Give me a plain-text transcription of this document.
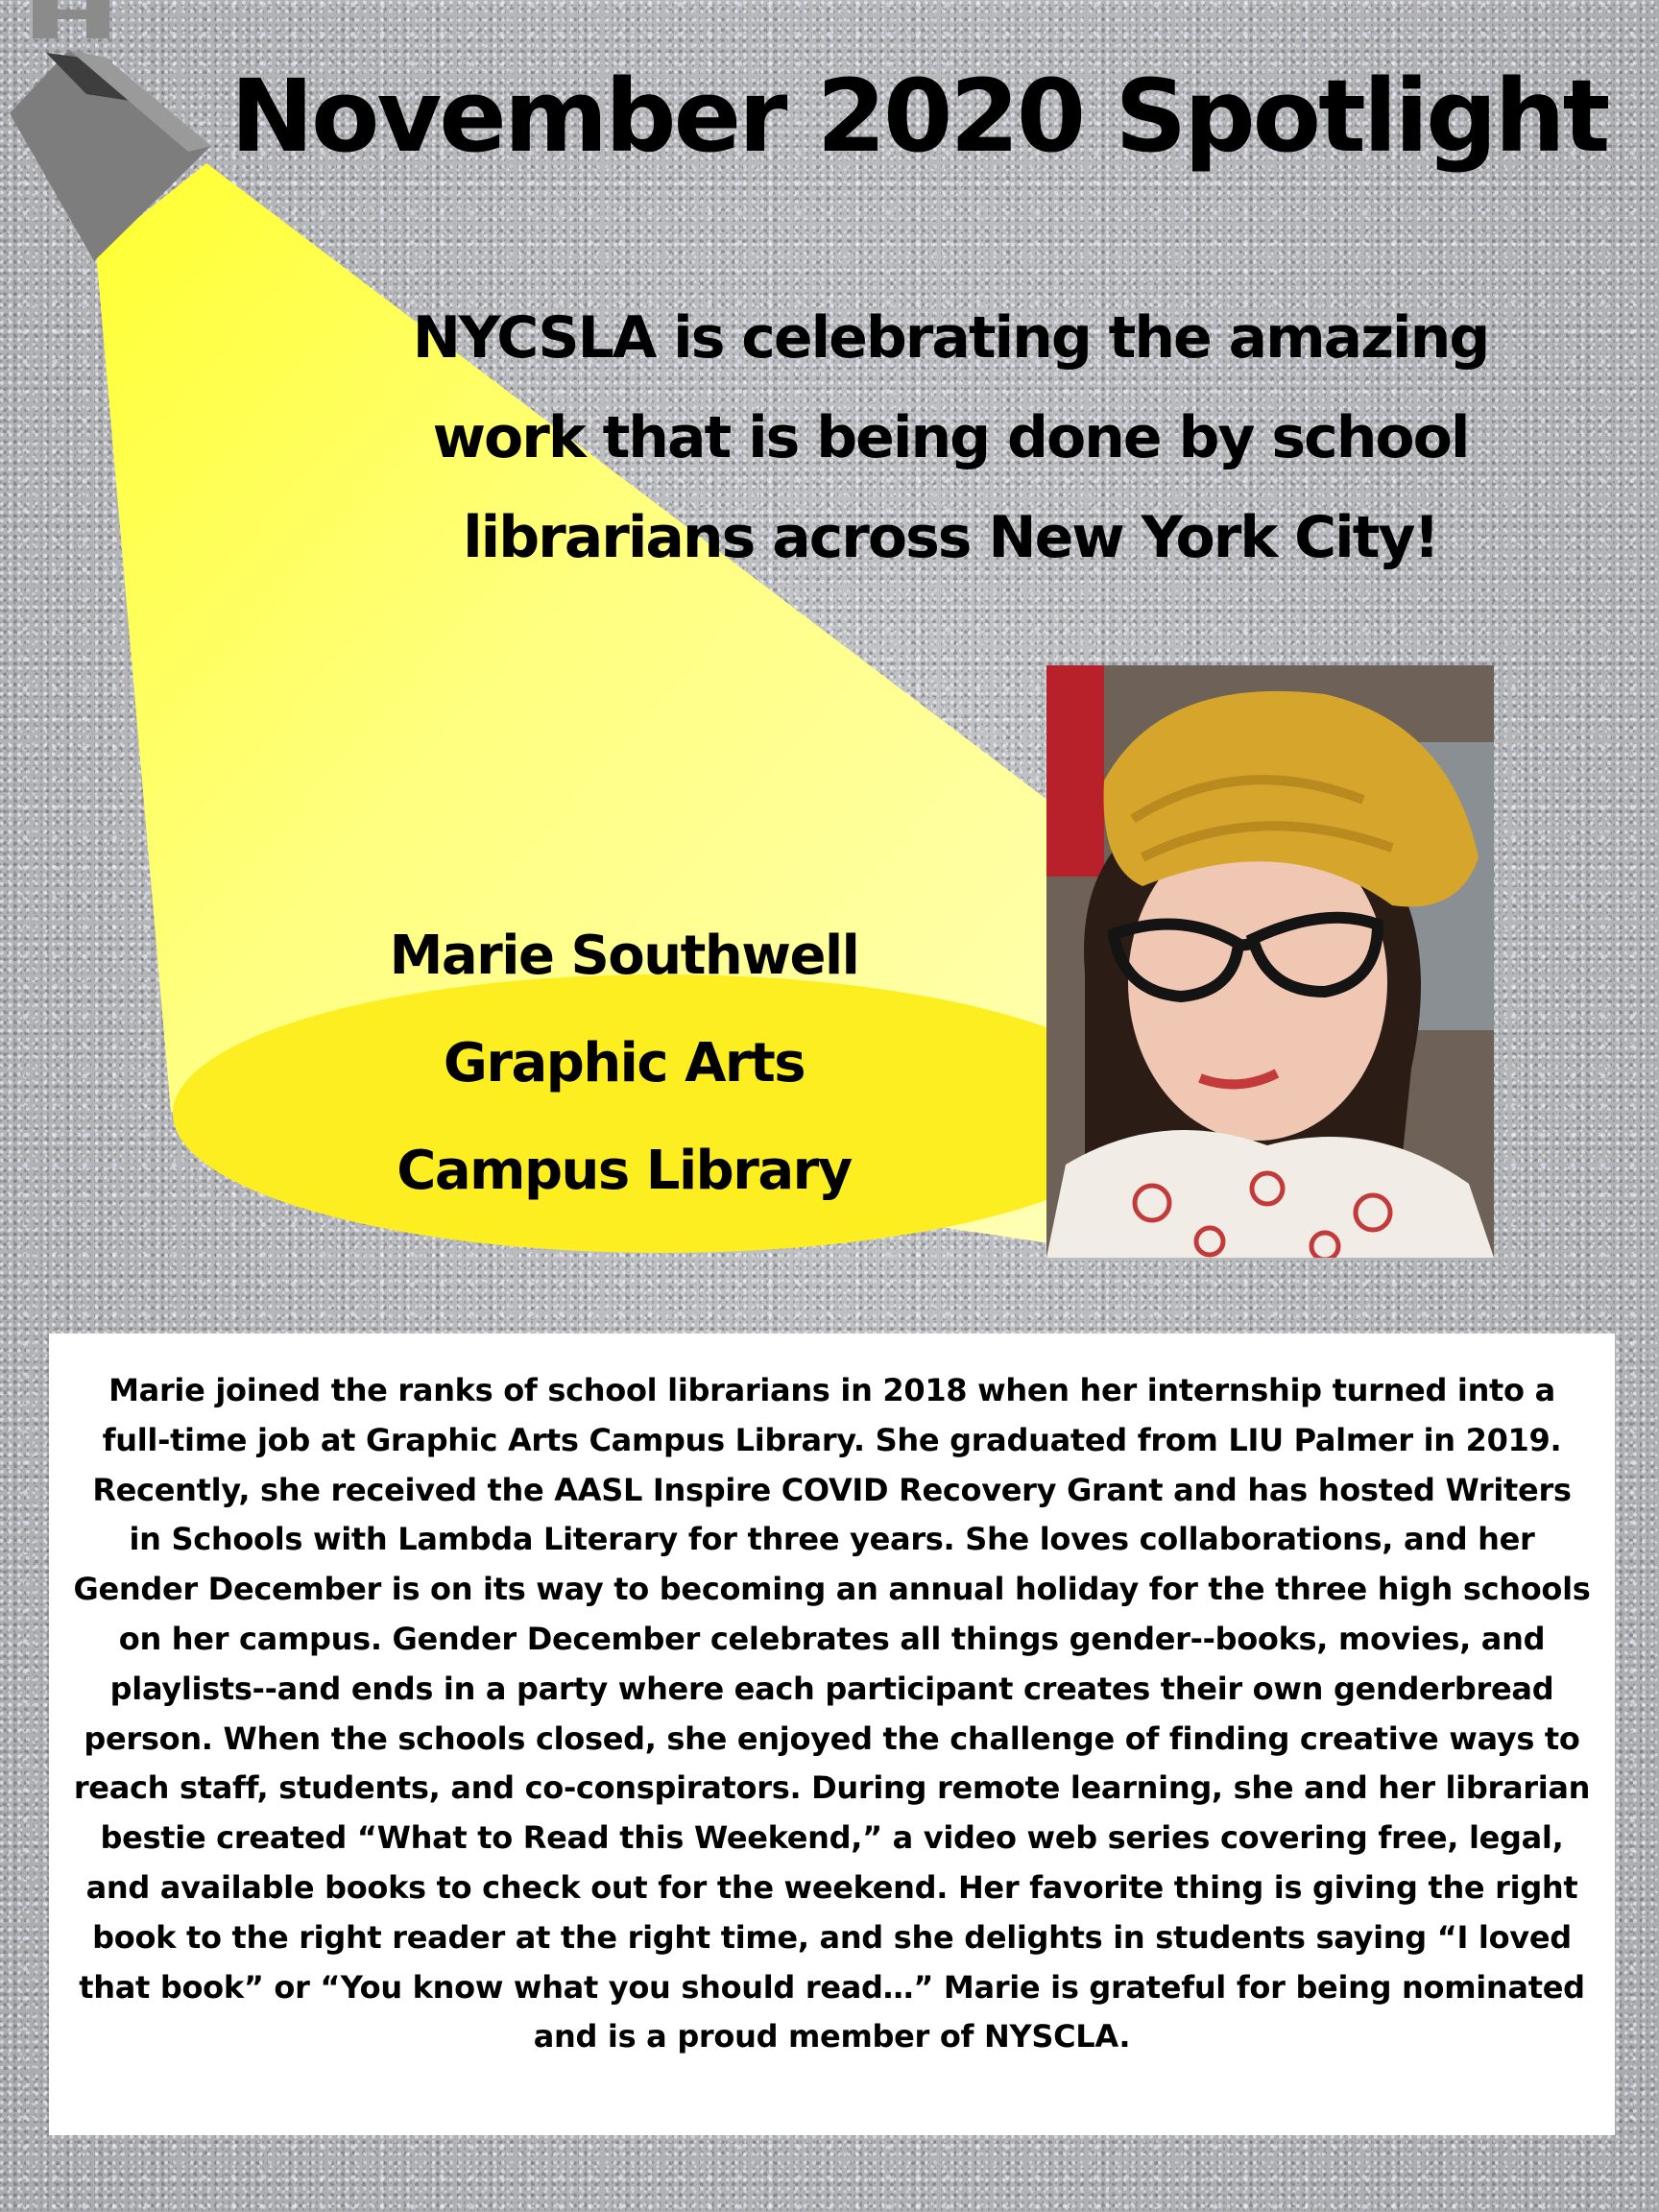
November 2020 Spotlight
NYCSLA is celebrating the amazing
work that is being done by school
librarians across New York City!
Marie Southwell
Graphic Arts
Campus Library

Marie joined the ranks of school librarians in 2018 when her internship turned into a full-time job at Graphic Arts Campus Library. She graduated from LIU Palmer in 2019. Recently, she received the AASL Inspire COVID Recovery Grant and has hosted Writers in Schools with Lambda Literary for three years. She loves collaborations, and her Gender December is on its way to becoming an annual holiday for the three high schools on her campus. Gender December celebrates all things gender--books, movies, and playlists--and ends in a party where each participant creates their own genderbread person. When the schools closed, she enjoyed the challenge of finding creative ways to reach staff, students, and co-conspirators. During remote learning, she and her librarian bestie created “What to Read this Weekend,” a video web series covering free, legal, and available books to check out for the weekend. Her favorite thing is giving the right book to the right reader at the right time, and she delights in students saying “I loved that book” or “You know what you should read…” Marie is grateful for being nominated and is a proud member of NYSCLA.
